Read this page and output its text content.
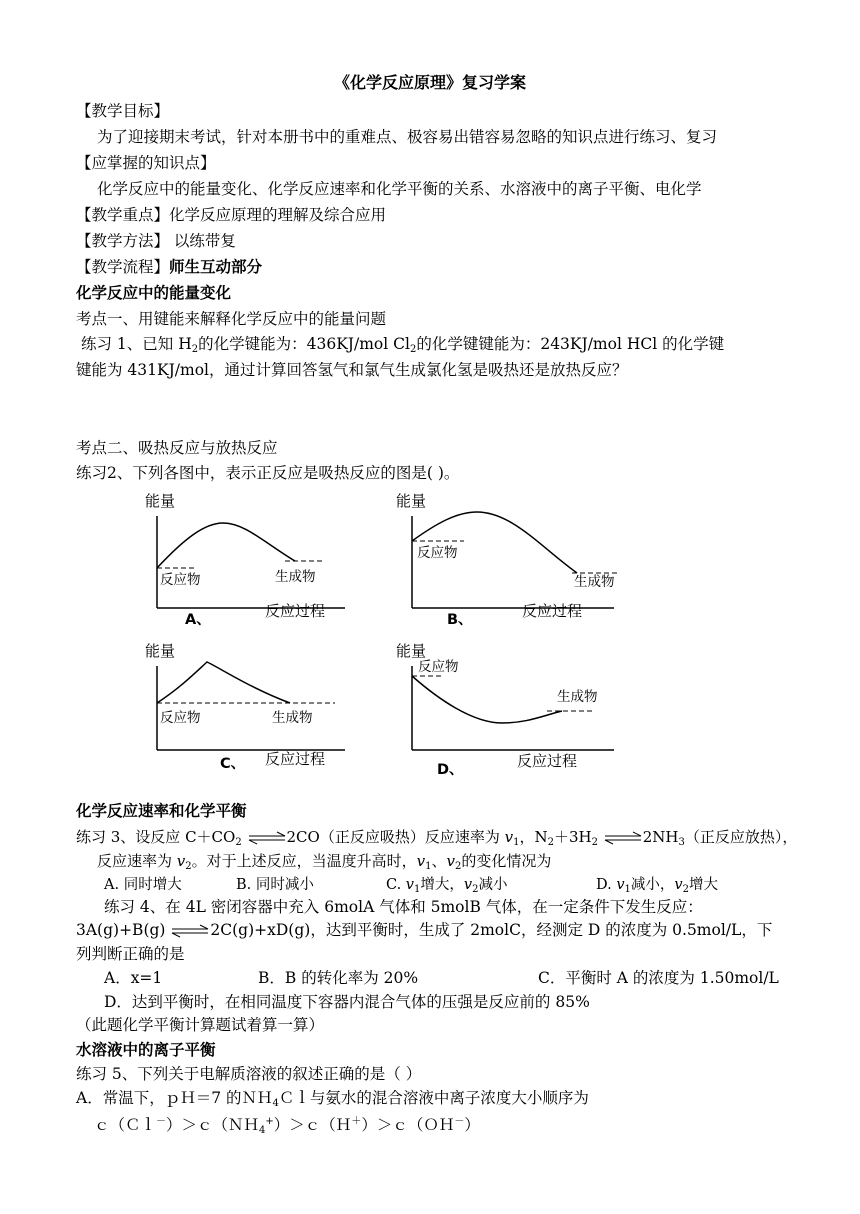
《化学反应原理》复习学案
【教学目标】
为了迎接期末考试，针对本册书中的重难点、极容易出错容易忽略的知识点进行练习、复习
【应掌握的知识点】
化学反应中的能量变化、化学反应速率和化学平衡的关系、水溶液中的离子平衡、电化学
【教学重点】化学反应原理的理解及综合应用
【教学方法】 以练带复
【教学流程】师生互动部分
化学反应中的能量变化
考点一、用键能来解释化学反应中的能量问题
练习 1、已知 $H_2$的化学键能为：436KJ/mol $Cl_2$的化学键键能为：243KJ/mol HCl 的化学键
键能为 431KJ/mol，通过计算回答氢气和氯气生成氯化氢是吸热还是放热反应？
考点二、吸热反应与放热反应
练习2、下列各图中，表示正反应是吸热反应的图是( )。
能量
反应物	生成物
A、	反应过程
能量
反应物
生成物
B、	反应过程
能量
反应物	生成物
C、 反应过程
能量
反应物
生成物
D、	反应过程
化学反应速率和化学平衡
练习 3、设反应 $C+CO_2$ ⇌2CO（正反应吸热）反应速率为 $v_1$，$N_2+3H_2$ $\rightleftharpoons 2NH_3$（正反应放热），
反应速率为 $v_2$。对于上述反应，当温度升高时，$v_1$、$v_2$的变化情况为
A. 同时增大	B. 同时减小	C. $v_1$增大，$v_2$减小	D. $v_1$减小，$v_2$增大
练习 4、在 4L 密闭容器中充入 6molA 气体和 5molB 气体，在一定条件下发生反应：
3A(g)+B(g) ⇌2C(g)+xD(g)，达到平衡时，生成了 2molC，经测定 D 的浓度为 0.5mol/L，下
列判断正确的是
A．x=1	B．B 的转化率为 20%	C．平衡时 A 的浓度为 1.50mol/L
D．达到平衡时，在相同温度下容器内混合气体的压强是反应前的 85%
（此题化学平衡计算题试着算一算）
水溶液中的离子平衡
练习 5、下列关于电解质溶液的叙述正确的是（ ）
A．常温下，ｐＨ＝7 的ＮＨ$_4$Ｃｌ与氨水的混合溶液中离子浓度大小顺序为
ｃ（Ｃｌ－）＞ｃ（ＮＨ$_4$+）＞ｃ（Ｈ＋）＞ｃ（ＯＨ－）
